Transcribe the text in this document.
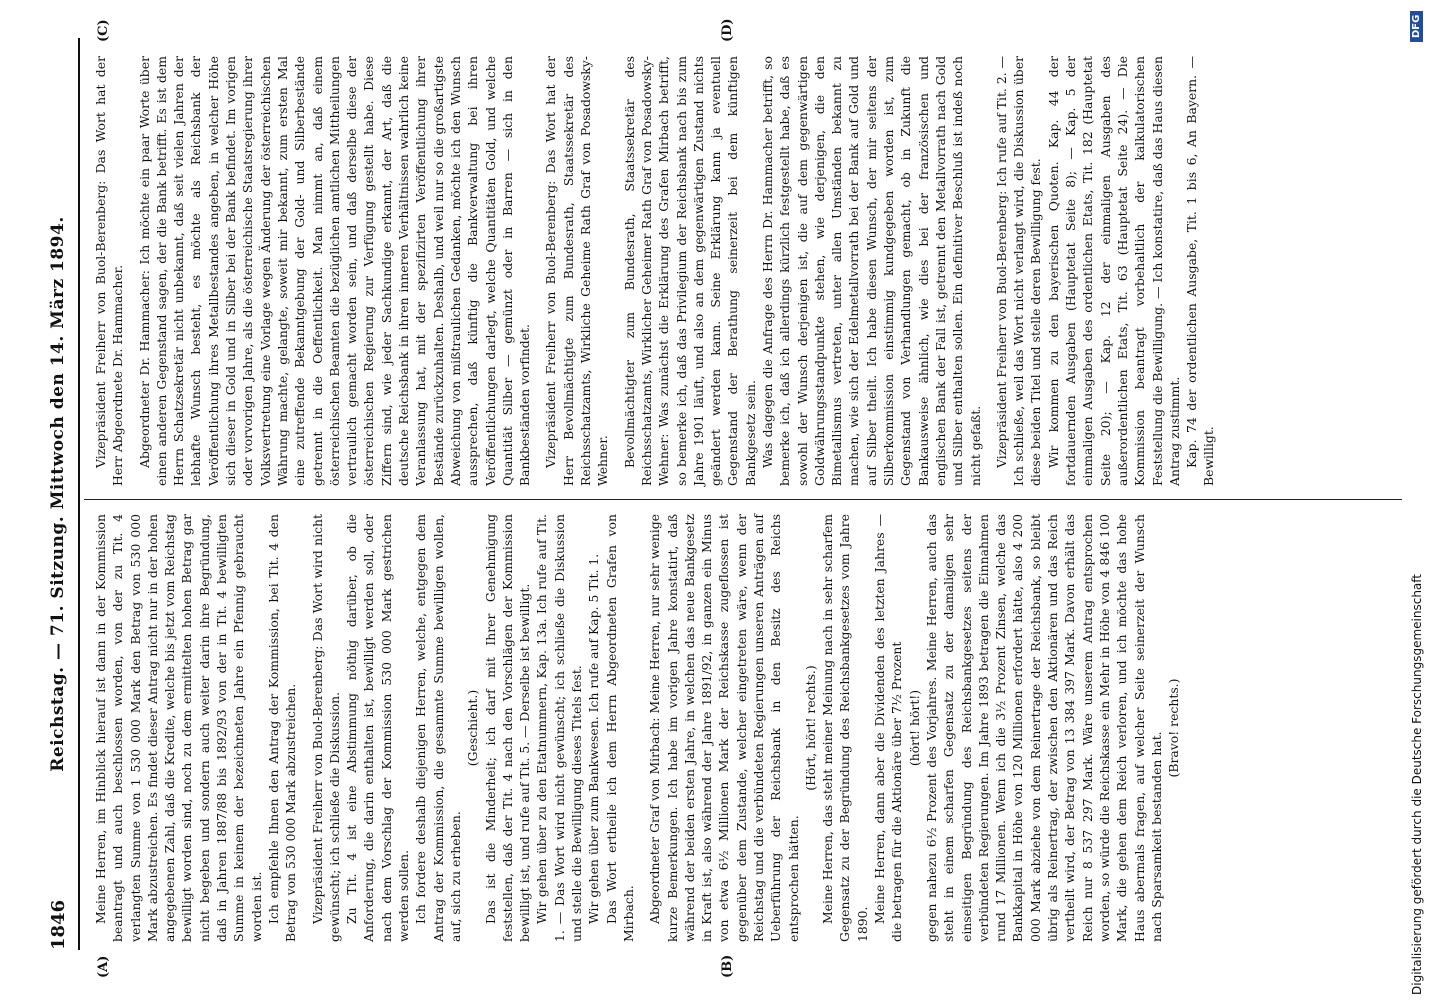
1846
Reichstag. — 71. Sitzung. Mittwoch den 14. März 1894.
(A)	(B)
(C)	(D)

Meine Herren, im Hinblick hierauf ist dann in der Kommission beantragt und auch beschlossen worden, von der zu Tit. 4 verlangten Summe von 1 530 000 Mark den Betrag von 530 000 Mark abzustreichen. Es findet dieser Antrag nicht nur in der hohen angegebenen Zahl, daß die Kredite, welche bis jetzt vom Reichstag bewilligt worden sind, noch zu dem ermittelten hohen Betrag gar nicht begeben und sondern auch weiter darin ihre Begründung, daß in Jahren 1887/88 bis 1892/93 von der in Tit. 4 bewilligten Summe in keinem der bezeichneten Jahre ein Pfennig gebraucht worden ist. Ich empfehle Ihnen den Antrag der Kommission, bei Tit. 4 den Betrag von 530 000 Mark abzustreichen. Vizepräsident Freiherr von Buol-Berenberg: Das Wort wird nicht gewünscht; ich schließe die Diskussion. Zu Tit. 4 ist eine Abstimmung nöthig darüber, ob die Anforderung, die darin enthalten ist, bewilligt werden soll, oder nach dem Vorschlag der Kommission 530 000 Mark gestrichen werden sollen. Ich fordere deshalb diejenigen Herren, welche, entgegen dem Antrag der Kommission, die gesammte Summe bewilligen wollen, auf, sich zu erheben.

(Geschieht.) Das ist die Minderheit; ich darf mit Ihrer Genehmigung feststellen, daß der Tit. 4 nach den Vorschlägen der Kommission bewilligt ist, und rufe auf Tit. 5. — Derselbe ist bewilligt. Wir gehen über zu den Etatnummern, Kap. 13a. Ich rufe auf Tit. 1. — Das Wort wird nicht gewünscht; ich schließe die Diskussion und stelle die Bewilligung dieses Titels fest. Wir gehen über zum Bankwesen. Ich rufe auf Kap. 5 Tit. 1. Das Wort ertheile ich dem Herrn Abgeordneten Grafen von Mirbach. Abgeordneter Graf von Mirbach: Meine Herren, nur sehr wenige kurze Bemerkungen. Ich habe im vorigen Jahre konstatirt, daß während der beiden ersten Jahre, in welchen das neue Bankgesetz in Kraft ist, also während der Jahre 1891/92, in ganzen ein Minus von etwa 6½ Millionen Mark der Reichskasse zugeflossen ist gegenüber dem Zustande, welcher eingetreten wäre, wenn der Reichstag und die verbündeten Regierungen unseren Anträgen auf Ueberführung der Reichsbank in den Besitz des Reichs entsprochen hätten.

(Hört, hört! rechts.) Meine Herren, das steht meiner Meinung nach in sehr scharfem Gegensatz zu der Begründung des Reichsbankgesetzes vom Jahre 1890.

Meine Herren, dann aber die Dividenden des letzten Jahres — die betragen für die Aktionäre über 7½ Prozent (hört! hört!) gegen nahezu 6½ Prozent des Vorjahres. Meine Herren, auch das steht in einem scharfen Gegensatz zu der damaligen sehr einseitigen Begründung des Reichsbankgesetzes seitens der verbündeten Regierungen. Im Jahre 1893 betragen die Einnahmen rund 17 Millionen. Wenn ich die 3½ Prozent Zinsen, welche das Bankkapital in Höhe von 120 Millionen erfordert hätte, also 4 200 000 Mark abziehe von dem Reinertrage der Reichsbank, so bleibt übrig als Reinertrag, der zwischen den Aktionären und das Reich vertheilt wird, der Betrag von 13 384 397 Mark. Davon erhält das Reich nur 8 537 297 Mark. Wäre unserem Antrag entsprochen worden, so würde die Reichskasse ein Mehr in Höhe von 4 846 100 Mark, die gehen dem Reich verloren, und ich möchte das hohe Haus abermals fragen, auf welcher Seite seinerzeit der Wunsch nach Sparsamkeit bestanden hat.

(Bravo! rechts.)

Vizepräsident Freiherr von Buol-Berenberg: Das Wort hat der Herr Abgeordnete Dr. Hammacher. Abgeordneter Dr. Hammacher: Ich möchte ein paar Worte über einen anderen Gegenstand sagen, der die Bank betrifft. Es ist dem Herrn Schatzsekretär nicht unbekannt, daß seit vielen Jahren der lebhafte Wunsch besteht, es möchte als Reichsbank der Veröffentlichung ihres Metallbestandes angeben, in welcher Höhe sich dieser in Gold und in Silber bei der Bank befindet. Im vorigen oder vorvorigen Jahre, als die österreichische Staatsregierung ihrer Volksvertretung eine Vorlage wegen Änderung der österreichischen Währung machte, gelangte, soweit mir bekannt, zum ersten Mal eine zutreffende Bekanntgebung der Gold- und Silberbestände getrennt in die Oeffentlichkeit. Man nimmt an, daß einem österreichischen Beamten die bezüglichen amtlichen Mittheilungen vertraulich gemacht worden sein, und daß derselbe diese der österreichischen Regierung zur Verfügung gestellt habe. Diese Ziffern sind, wie jeder Sachkundige erkannt, der Art, daß die deutsche Reichsbank in ihren inneren Verhältnissen wahrlich keine Veranlassung hat, mit der spezifizirten Veröffentlichung ihrer Bestände zurückzuhalten. Deshalb, und weil nur so die großartigste Abweichung von mißtraulichen Gedanken, möchte ich den Wunsch aussprechen, daß künftig die Bankverwaltung bei ihren Veröffentlichungen darlegt, welche Quantitäten Gold, und welche Quantität Silber — gemünzt oder in Barren — sich in den Bankbeständen vorfindet. Vizepräsident Freiherr von Buol-Berenberg: Das Wort hat der Herr Bevollmächtigte zum Bundesrath, Staatssekretär des Reichsschatzamts, Wirkliche Geheime Rath Graf von Posadowsky-Wehner. Bevollmächtigter zum Bundesrath, Staatssekretär des Reichsschatzamts, Wirklicher Geheimer Rath Graf von Posadowsky-Wehner: Was zunächst die Erklärung des Grafen Mirbach betrifft, so bemerke ich, daß das Privilegium der Reichsbank nach bis zum Jahre 1901 läuft, und also an dem gegenwärtigen Zustand nichts geändert werden kann. Seine Erklärung kann ja eventuell Gegenstand der Berathung seinerzeit bei dem künftigen Bankgesetz sein. Was dagegen die Anfrage des Herrn Dr. Hammacher betrifft, so bemerke ich, daß ich allerdings kürzlich festgestellt habe, daß es sowohl der Wunsch derjenigen ist, die auf dem gegenwärtigen Goldwährungsstandpunkte stehen, wie derjenigen, die den Bimetallismus vertreten, unter allen Umständen bekannt zu machen, wie sich der Edelmetallvorrath bei der Bank auf Gold und auf Silber theilt. Ich habe diesen Wunsch, der mir seitens der Silberkommission einstimmig kundgegeben worden ist, zum Gegenstand von Verhandlungen gemacht, ob in Zukunft die Bankausweise ähnlich, wie dies bei der französischen und englischen Bank der Fall ist, getrennt den Metallvorrath nach Gold und Silber enthalten sollen. Ein definitiver Beschluß ist indeß noch nicht gefaßt. Vizepräsident Freiherr von Buol-Berenberg: Ich rufe auf Tit. 2. — Ich schließe, weil das Wort nicht verlangt wird, die Diskussion über diese beiden Titel und stelle deren Bewilligung fest. Wir kommen zu den bayerischen Quoten. Kap. 44 der fortdauernden Ausgaben (Hauptetat Seite 8); — Kap. 5 der einmaligen Ausgaben des ordentlichen Etats, Tit. 182 (Hauptetat Seite 20); — Kap. 12 der einmaligen Ausgaben des außerordentlichen Etats, Tit. 63 (Hauptetat Seite 24). — Die Kommission beantragt vorbehaltlich der kalkulatorischen Feststellung die Bewilligung. — Ich konstatire, daß das Haus diesen Antrag zustimmt. Kap. 74 der ordentlichen Ausgabe, Tit. 1 bis 6, An Bayern. — Bewilligt.

Digitalisierung gefördert durch die Deutsche Forschungsgemeinschaft
DFG
